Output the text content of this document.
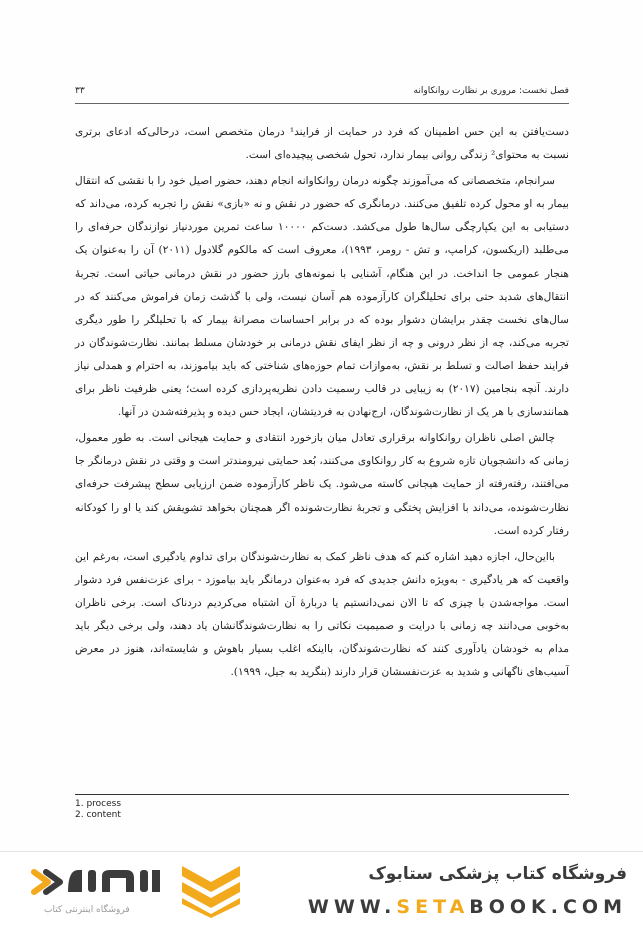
فصل نخست: مروری بر نظارت روانکاوانه
۳۳

دست‌یافتن به این حس اطمینان که فرد در حمایت از فرایند¹ درمان متخصص است، درحالی‌که ادعای برتری نسبت به محتوای² زندگی روانی بیمار ندارد، تحول شخصی پیچیده‌ای است.

سرانجام، متخصصانی که می‌آموزند چگونه درمان روانکاوانه انجام دهند، حضور اصیل خود را با نقشی که انتقال بیمار به او محول کرده تلفیق می‌کنند. درمانگری که حضور در نقش و نه «بازی» نقش را تجربه کرده، می‌داند که دستیابی به این یکپارچگی سال‌ها طول می‌کشد. دست‌کم ۱۰۰۰۰ ساعت تمرین موردنیاز نوازندگان حرفه‌ای را می‌طلبد (اریکسون، کرامپ، و تش - رومر، ۱۹۹۳)، معروف است که مالکوم گلادول (۲۰۱۱) آن را به‌عنوان یک هنجار عمومی جا انداخت. در این هنگام، آشنایی با نمونه‌های بارز حضور در نقش درمانی حیاتی است. تجربهٔ انتقال‌های شدید حتی برای تحلیلگران کارآزموده هم آسان نیست، ولی با گذشت زمان فراموش می‌کنند که در سال‌های نخست چقدر برایشان دشوار بوده که در برابر احساسات مصرانهٔ بیمار که با تحلیلگر را طور دیگری تجربه می‌کند، چه از نظر درونی و چه از نظر ایفای نقش درمانی بر خودشان مسلط بمانند. نظارت‌شوندگان در فرایند حفظ اصالت و تسلط بر نقش، به‌موازات تمام حوزه‌های شناختی که باید بیاموزند، به احترام و همدلی نیاز دارند. آنچه بنجامین (۲۰۱۷) به زیبایی در قالب رسمیت دادن نظریه‌پردازی کرده است؛ یعنی ظرفیت ناظر برای همانندسازی با هر یک از نظارت‌شوندگان، ارج‌نهادن به فردیتشان، ایجاد حس دیده و پذیرفته‌شدن در آنها.

چالش اصلی ناظران روانکاوانه برقراری تعادل میان بازخورد انتقادی و حمایت هیجانی است. به طور معمول، زمانی که دانشجویان تازه شروع به کار روانکاوی می‌کنند، بُعد حمایتی نیرومندتر است و وقتی در نقش درمانگر جا می‌افتند، رفته‌رفته از حمایت هیجانی کاسته می‌شود. یک ناظر کارآزموده ضمن ارزیابی سطح پیشرفت حرفه‌ای نظارت‌شونده، می‌داند با افزایش پختگی و تجربهٔ نظارت‌شونده اگر همچنان بخواهد تشویقش کند یا او را کودکانه رفتار کرده است.

بااین‌حال، اجازه دهید اشاره کنم که هدف ناظر کمک به نظارت‌شوندگان برای تداوم یادگیری است، به‌رغم این واقعیت که هر یادگیری - به‌ویژه دانش جدیدی که فرد به‌عنوان درمانگر باید بیاموزد - برای عزت‌نفس فرد دشوار است. مواجه‌شدن با چیزی که تا الان نمی‌دانستیم یا دربارهٔ آن اشتباه می‌کردیم دردناک است. برخی ناظران به‌خوبی می‌دانند چه زمانی با درایت و صمیمیت نکاتی را به نظارت‌شوندگانشان یاد دهند، ولی برخی دیگر باید مدام به خودشان یادآوری کنند که نظارت‌شوندگان، بااینکه اغلب بسیار باهوش و شایسته‌اند، هنوز در معرض آسیب‌های ناگهانی و شدید به عزت‌نفسشان قرار دارند (بنگرید به جیل، ۱۹۹۹).

1. process
2. content
فروشگاه کتاب پزشکی ستابوک
WWW.SETABOOK.COM
فروشگاه اینترنتی کتاب
